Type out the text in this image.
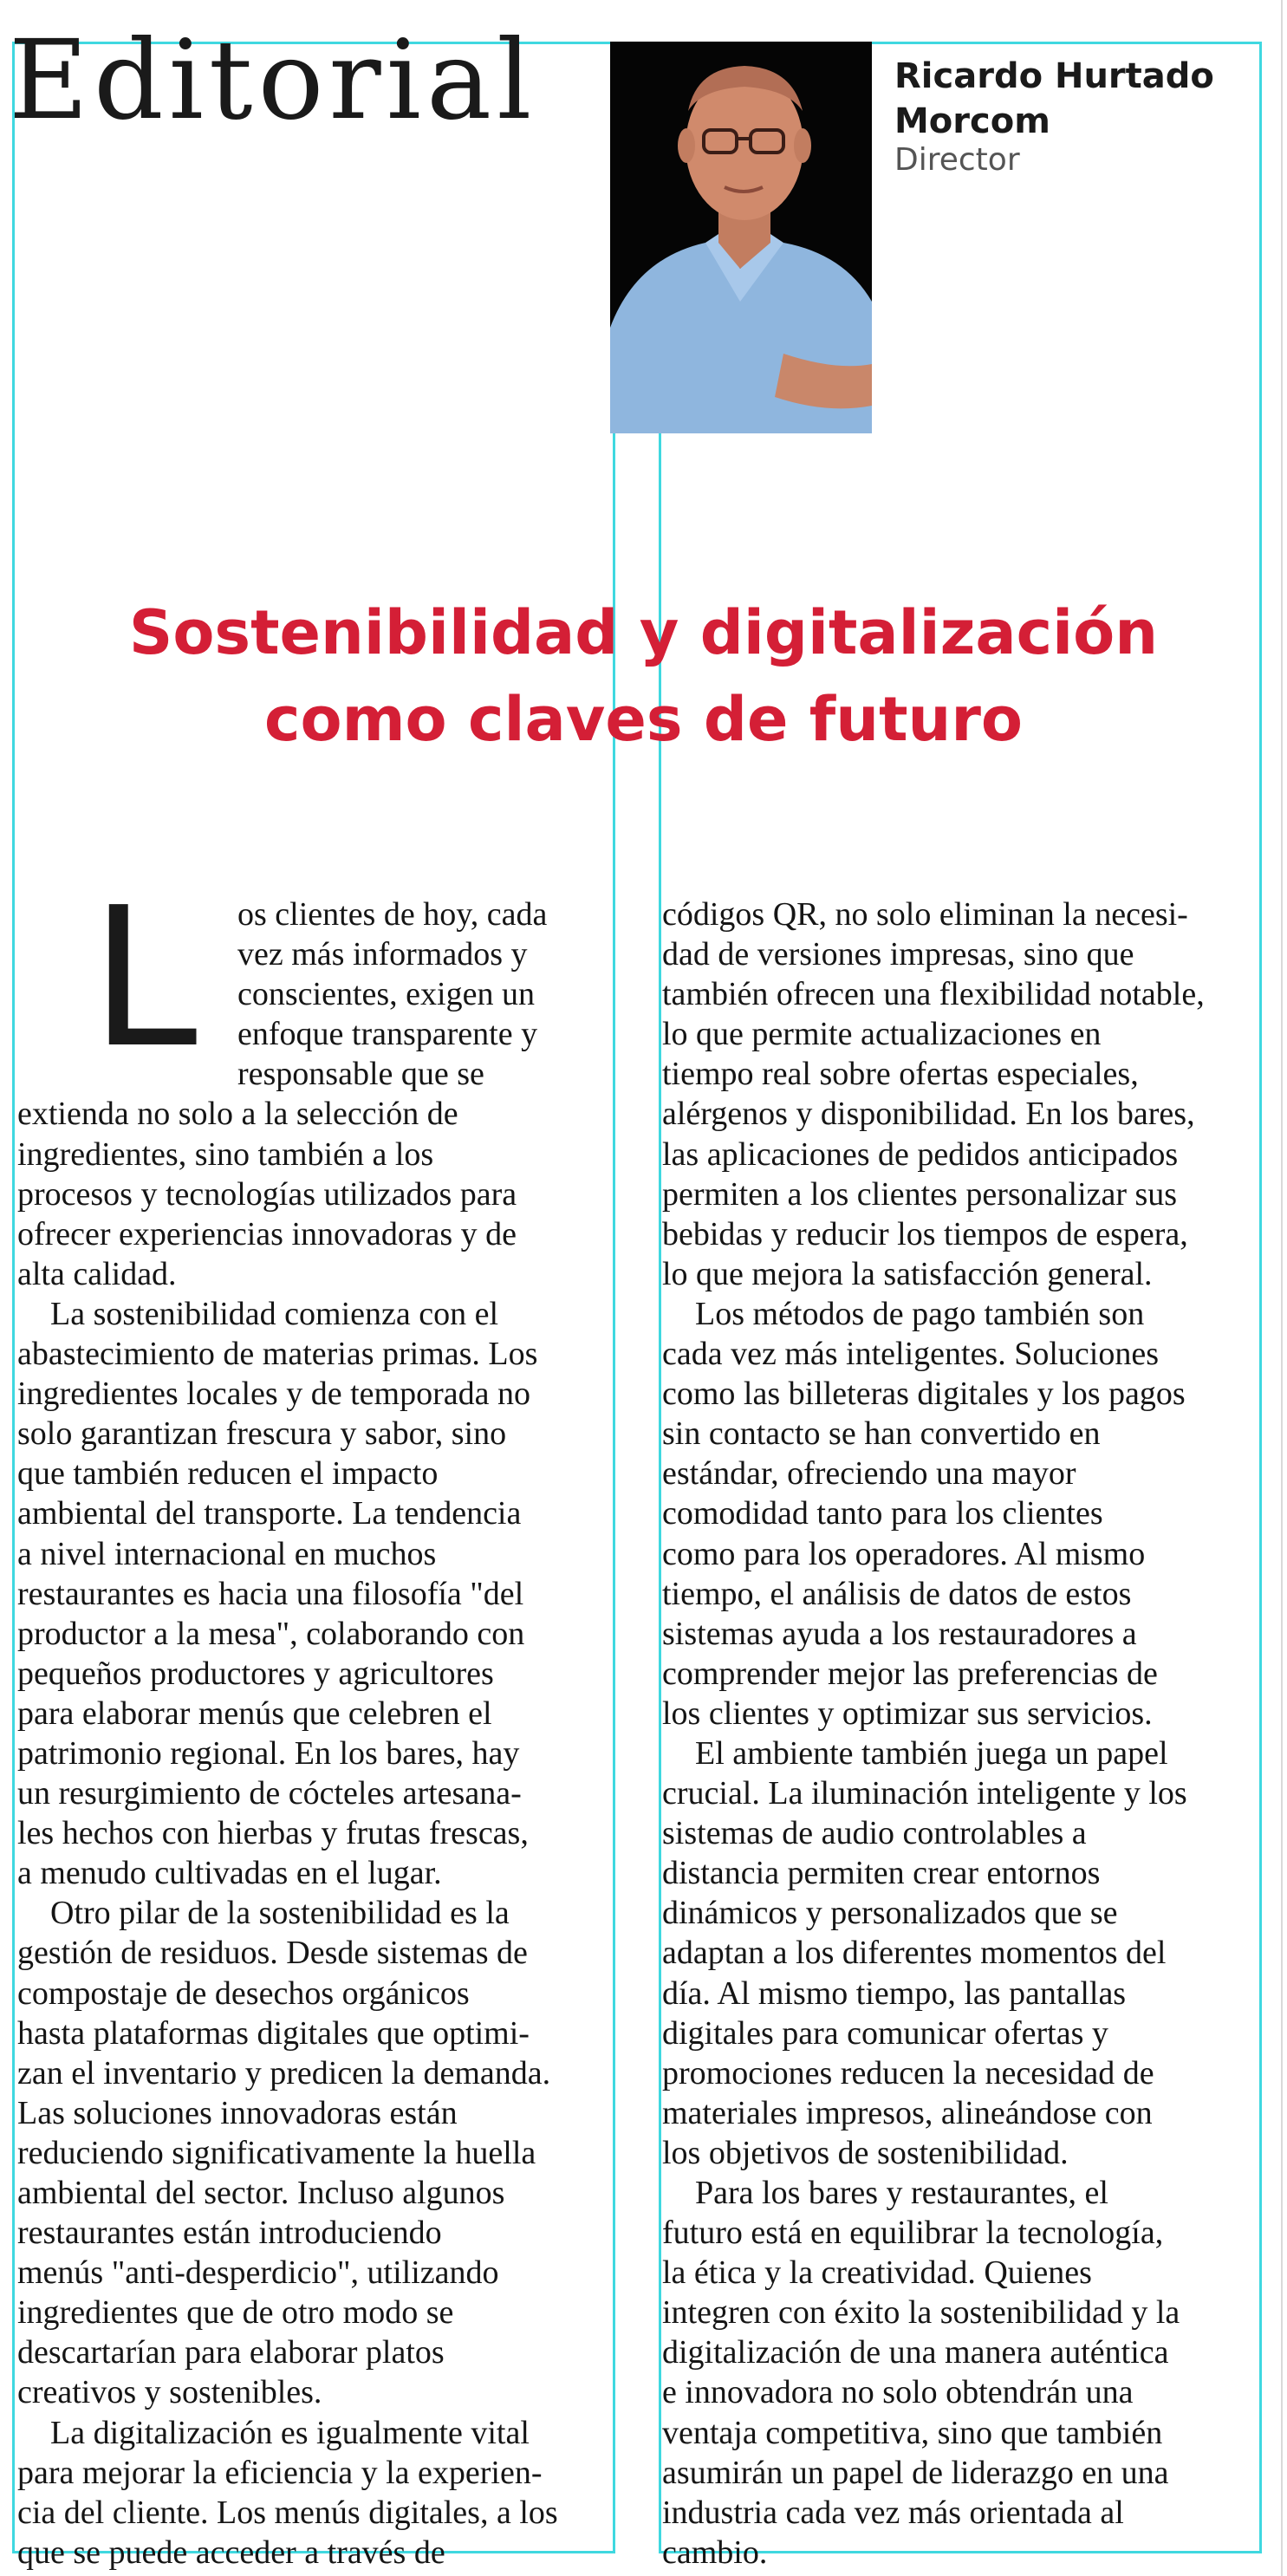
Editorial	Ricardo Hurtado Morcom

Director

Sostenibilidad y digitalización
como claves de futuro
L os clientes de hoy, cada
vez más informados y
conscientes, exigen un
enfoque transparente y
responsable que se
extienda no solo a la selección de
ingredientes, sino también a los
procesos y tecnologías utilizados para
ofrecer experiencias innovadoras y de
alta calidad.
La sostenibilidad comienza con el
abastecimiento de materias primas. Los
ingredientes locales y de temporada no
solo garantizan frescura y sabor, sino
que también reducen el impacto
ambiental del transporte. La tendencia
a nivel internacional en muchos
restaurantes es hacia una filosofía "del
productor a la mesa", colaborando con
pequeños productores y agricultores
para elaborar menús que celebren el
patrimonio regional. En los bares, hay
un resurgimiento de cócteles artesana-
les hechos con hierbas y frutas frescas,
a menudo cultivadas en el lugar.
Otro pilar de la sostenibilidad es la
gestión de residuos. Desde sistemas de
compostaje de desechos orgánicos
hasta plataformas digitales que optimi-
zan el inventario y predicen la demanda.
Las soluciones innovadoras están
reduciendo significativamente la huella
ambiental del sector. Incluso algunos
restaurantes están introduciendo
menús "anti-desperdicio", utilizando
ingredientes que de otro modo se
descartarían para elaborar platos
creativos y sostenibles.
La digitalización es igualmente vital
para mejorar la eficiencia y la experien-
cia del cliente. Los menús digitales, a los
que se puede acceder a través de
códigos QR, no solo eliminan la necesi-
dad de versiones impresas, sino que
también ofrecen una flexibilidad notable,
lo que permite actualizaciones en
tiempo real sobre ofertas especiales,
alérgenos y disponibilidad. En los bares,
las aplicaciones de pedidos anticipados
permiten a los clientes personalizar sus
bebidas y reducir los tiempos de espera,
lo que mejora la satisfacción general.
Los métodos de pago también son
cada vez más inteligentes. Soluciones
como las billeteras digitales y los pagos
sin contacto se han convertido en
estándar, ofreciendo una mayor
comodidad tanto para los clientes
como para los operadores. Al mismo
tiempo, el análisis de datos de estos
sistemas ayuda a los restauradores a
comprender mejor las preferencias de
los clientes y optimizar sus servicios.
El ambiente también juega un papel
crucial. La iluminación inteligente y los
sistemas de audio controlables a
distancia permiten crear entornos
dinámicos y personalizados que se
adaptan a los diferentes momentos del
día. Al mismo tiempo, las pantallas
digitales para comunicar ofertas y
promociones reducen la necesidad de
materiales impresos, alineándose con
los objetivos de sostenibilidad.
Para los bares y restaurantes, el
futuro está en equilibrar la tecnología,
la ética y la creatividad. Quienes
integren con éxito la sostenibilidad y la
digitalización de una manera auténtica
e innovadora no solo obtendrán una
ventaja competitiva, sino que también
asumirán un papel de liderazgo en una
industria cada vez más orientada al
cambio.
